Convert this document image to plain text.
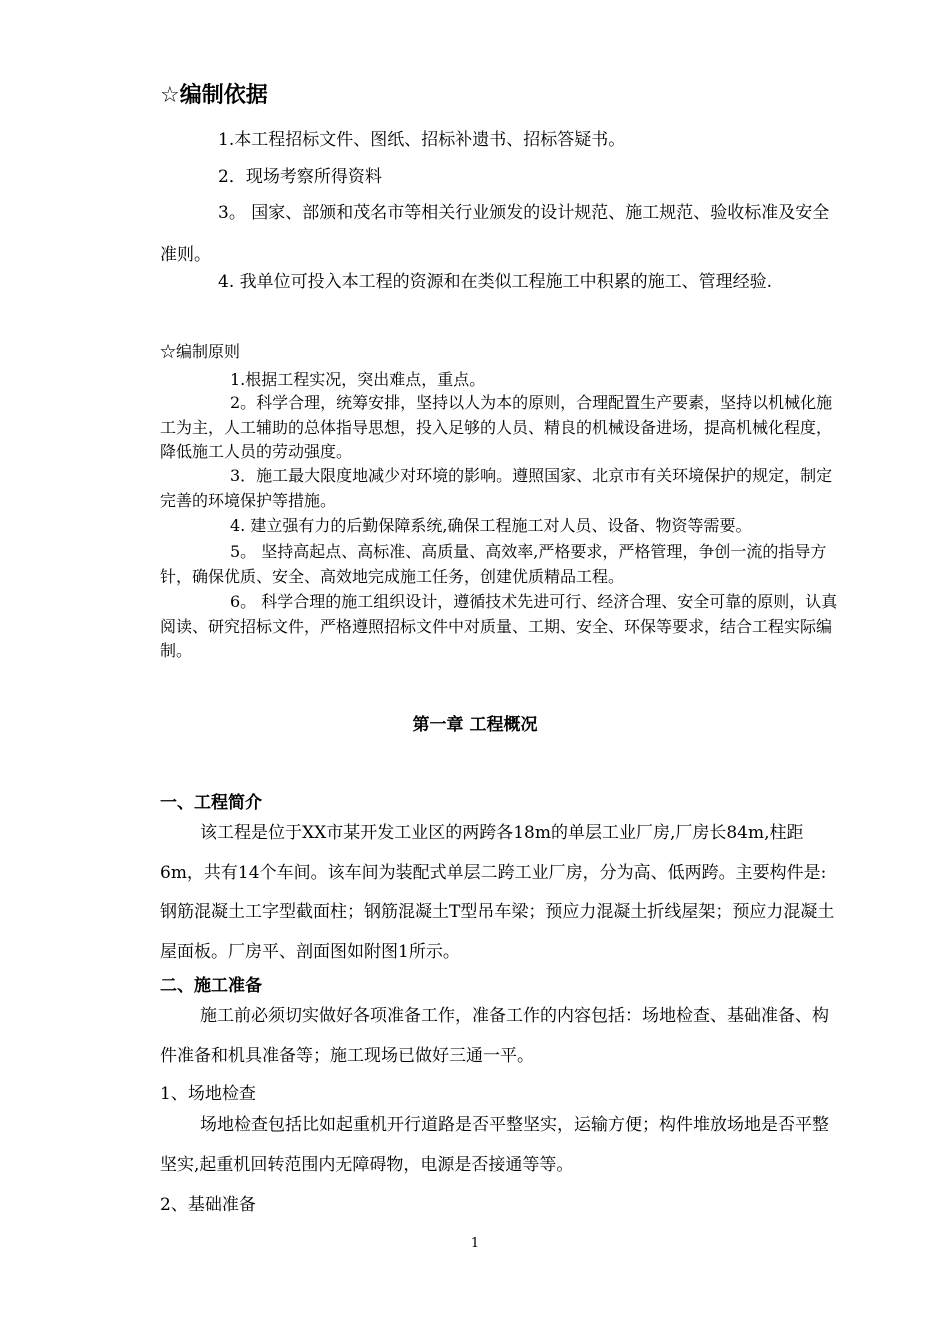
☆编制依据

1.本工程招标文件、图纸、招标补遗书、招标答疑书。

2．现场考察所得资料

3。 国家、部颁和茂名市等相关行业颁发的设计规范、施工规范、验收标准及安全准则。

4. 我单位可投入本工程的资源和在类似工程施工中积累的施工、管理经验.

☆编制原则

1.根据工程实况，突出难点，重点。

2。科学合理，统筹安排，坚持以人为本的原则，合理配置生产要素，坚持以机械化施工为主，人工辅助的总体指导思想，投入足够的人员、精良的机械设备进场，提高机械化程度，降低施工人员的劳动强度。

3．施工最大限度地减少对环境的影响。遵照国家、北京市有关环境保护的规定，制定完善的环境保护等措施。

4. 建立强有力的后勤保障系统,确保工程施工对人员、设备、物资等需要。

5。 坚持高起点、高标准、高质量、高效率,严格要求，严格管理，争创一流的指导方针，确保优质、安全、高效地完成施工任务，创建优质精品工程。

6。 科学合理的施工组织设计，遵循技术先进可行、经济合理、安全可靠的原则，认真阅读、研究招标文件，严格遵照招标文件中对质量、工期、安全、环保等要求，结合工程实际编制。

第一章 工程概况
一、工程简介

该工程是位于XX市某开发工业区的两跨各18m的单层工业厂房,厂房长84m,柱距6m，共有14个车间。该车间为装配式单层二跨工业厂房，分为高、低两跨。主要构件是:钢筋混凝土工字型截面柱；钢筋混凝土T型吊车梁；预应力混凝土折线屋架；预应力混凝土屋面板。厂房平、剖面图如附图1所示。

二、施工准备

施工前必须切实做好各项准备工作，准备工作的内容包括：场地检查、基础准备、构件准备和机具准备等；施工现场已做好三通一平。

1、场地检查

场地检查包括比如起重机开行道路是否平整坚实，运输方便；构件堆放场地是否平整坚实,起重机回转范围内无障碍物，电源是否接通等等。

2、基础准备
1
